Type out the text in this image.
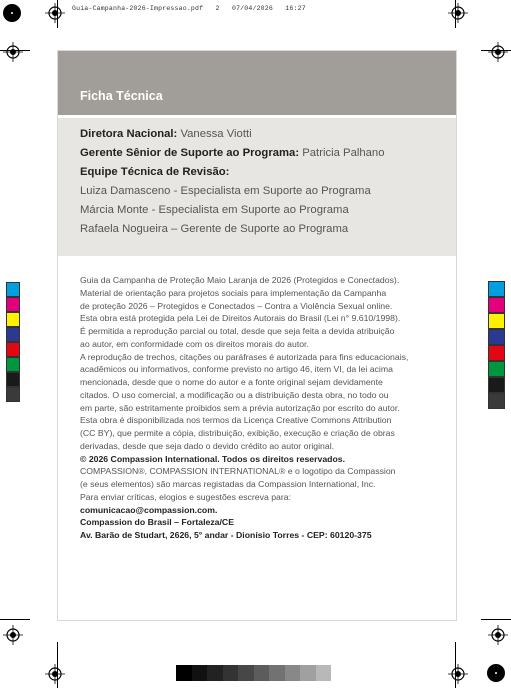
Guia-Campanha-2026-Impressao.pdf 2 07/04/2026 16:27
Ficha Técnica
Diretora Nacional: Vanessa Viotti
Gerente Sênior de Suporte ao Programa: Patricia Palhano
Equipe Técnica de Revisão:
Luiza Damasceno - Especialista em Suporte ao Programa
Márcia Monte - Especialista em Suporte ao Programa
Rafaela Nogueira – Gerente de Suporte ao Programa
Guia da Campanha de Proteção Maio Laranja de 2026 (Protegidos e Conectados).
Material de orientação para projetos sociais para implementação da Campanha
de proteção 2026 – Protegidos e Conectados – Contra a Violência Sexual online.
Esta obra está protegida pela Lei de Direitos Autorais do Brasil (Lei n° 9.610/1998).
É permitida a reprodução parcial ou total, desde que seja feita a devida atribuição
ao autor, em conformidade com os direitos morais do autor.
A reprodução de trechos, citações ou paráfrases é autorizada para fins educacionais,
acadêmicos ou informativos, conforme previsto no artigo 46, item VI, da lei acima
mencionada, desde que o nome do autor e a fonte original sejam devidamente
citados. O uso comercial, a modificação ou a distribuição desta obra, no todo ou
em parte, são estritamente proibidos sem a prévia autorização por escrito do autor.
Esta obra é disponibilizada nos termos da Licença Creative Commons Attribution
(CC BY), que permite a cópia, distribuição, exibição, execução e criação de obras
derivadas, desde que seja dado o devido crédito ao autor original.
© 2026 Compassion International. Todos os direitos reservados.
COMPASSION®, COMPASSION INTERNATIONAL® e o logotipo da Compassion
(e seus elementos) são marcas registadas da Compassion International, Inc.
Para enviar críticas, elogios e sugestões escreva para:
comunicacao@compassion.com.
Compassion do Brasil – Fortaleza/CE
Av. Barão de Studart, 2626, 5° andar - Dionísio Torres - CEP: 60120-375
